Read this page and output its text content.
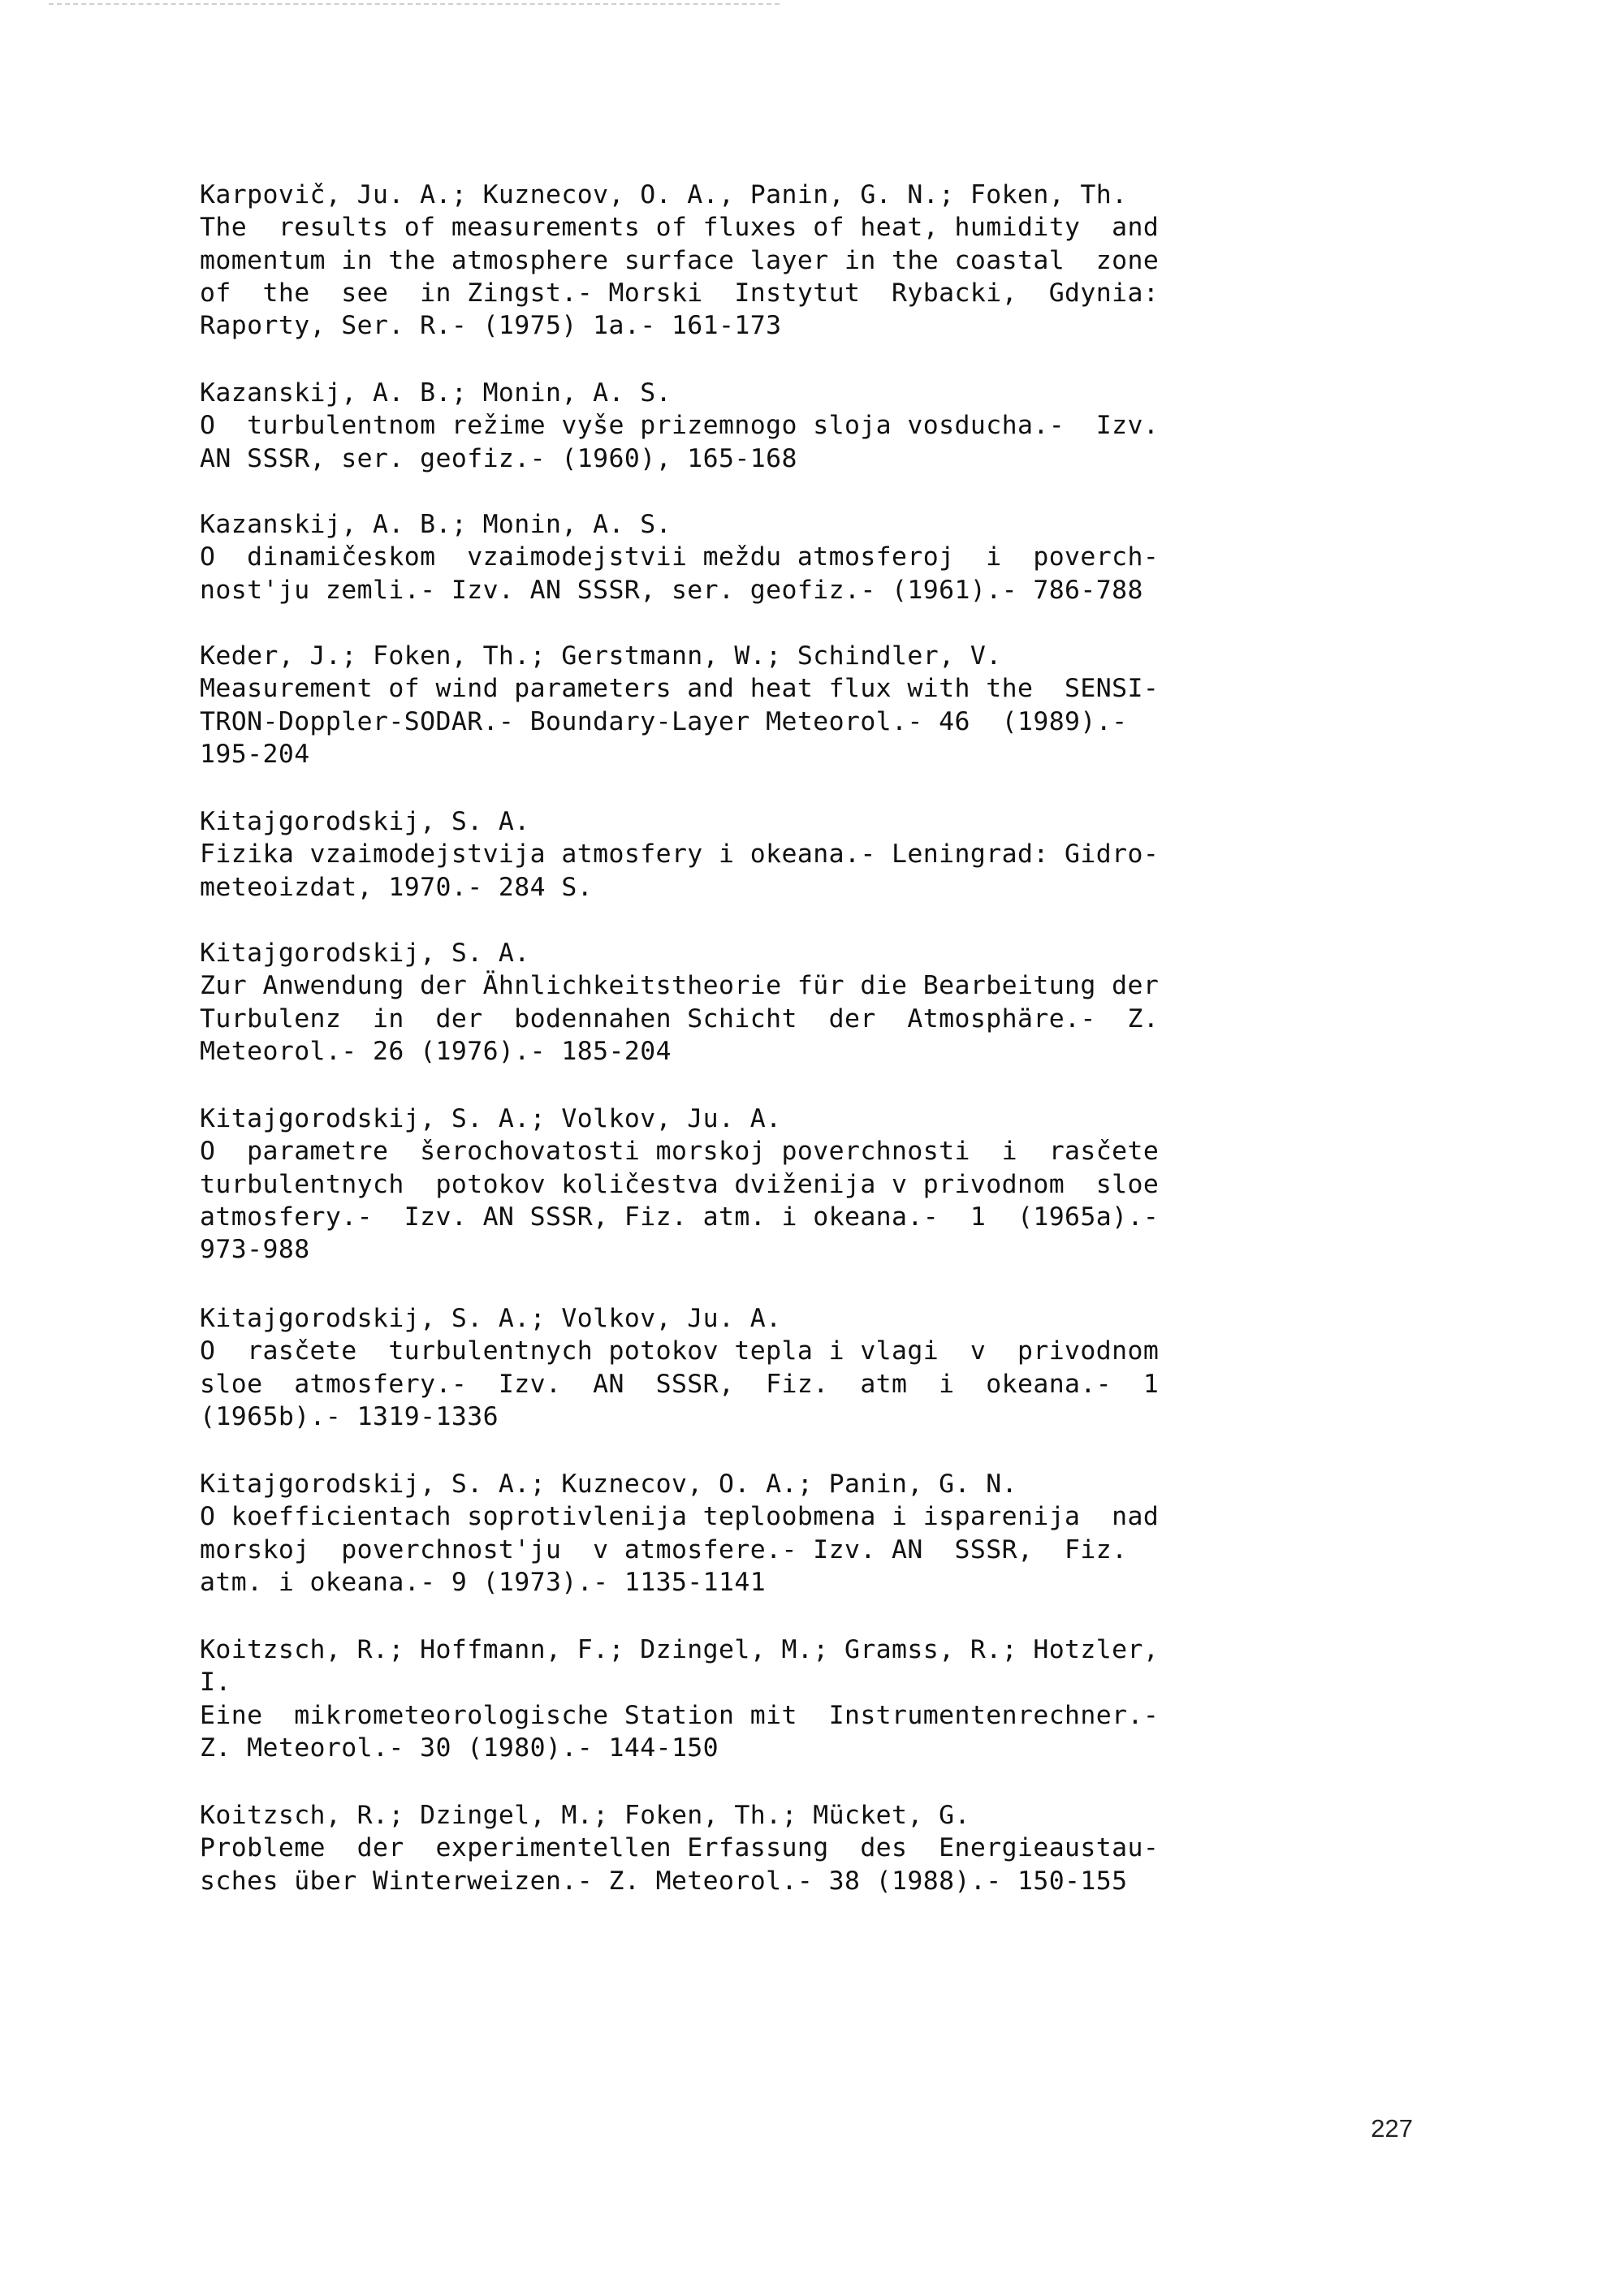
Karpovič, Ju. A.; Kuznecov, O. A., Panin, G. N.; Foken, Th.
The  results of measurements of fluxes of heat, humidity  and
momentum in the atmosphere surface layer in the coastal  zone
of  the  see  in Zingst.- Morski  Instytut  Rybacki,  Gdynia:
Raporty, Ser. R.- (1975) 1a.- 161-173
Kazanskij, A. B.; Monin, A. S.
O  turbulentnom režime vyše prizemnogo sloja vosducha.-  Izv.
AN SSSR, ser. geofiz.- (1960), 165-168
Kazanskij, A. B.; Monin, A. S.
O  dinamičeskom  vzaimodejstvii meždu atmosferoj  i  poverch-
nost'ju zemli.- Izv. AN SSSR, ser. geofiz.- (1961).- 786-788
Keder, J.; Foken, Th.; Gerstmann, W.; Schindler, V.
Measurement of wind parameters and heat flux with the  SENSI-
TRON-Doppler-SODAR.- Boundary-Layer Meteorol.- 46  (1989).-
195-204
Kitajgorodskij, S. A.
Fizika vzaimodejstvija atmosfery i okeana.- Leningrad: Gidro-
meteoizdat, 1970.- 284 S.
Kitajgorodskij, S. A.
Zur Anwendung der Ähnlichkeitstheorie für die Bearbeitung der
Turbulenz  in  der  bodennahen Schicht  der  Atmosphäre.-  Z.
Meteorol.- 26 (1976).- 185-204
Kitajgorodskij, S. A.; Volkov, Ju. A.
O  parametre  šerochovatosti morskoj poverchnosti  i  rasčete
turbulentnych  potokov količestva dviženija v privodnom  sloe
atmosfery.-  Izv. AN SSSR, Fiz. atm. i okeana.-  1  (1965a).-
973-988
Kitajgorodskij, S. A.; Volkov, Ju. A.
O  rasčete  turbulentnych potokov tepla i vlagi  v  privodnom
sloe  atmosfery.-  Izv.  AN  SSSR,  Fiz.  atm  i  okeana.-  1
(1965b).- 1319-1336
Kitajgorodskij, S. A.; Kuznecov, O. A.; Panin, G. N.
O koefficientach soprotivlenija teploobmena i isparenija  nad
morskoj  poverchnost'ju  v atmosfere.- Izv. AN  SSSR,  Fiz.
atm. i okeana.- 9 (1973).- 1135-1141
Koitzsch, R.; Hoffmann, F.; Dzingel, M.; Gramss, R.; Hotzler,
I.
Eine  mikrometeorologische Station mit  Instrumentenrechner.-
Z. Meteorol.- 30 (1980).- 144-150
Koitzsch, R.; Dzingel, M.; Foken, Th.; Mücket, G.
Probleme  der  experimentellen Erfassung  des  Energieaustau-
sches über Winterweizen.- Z. Meteorol.- 38 (1988).- 150-155
227
